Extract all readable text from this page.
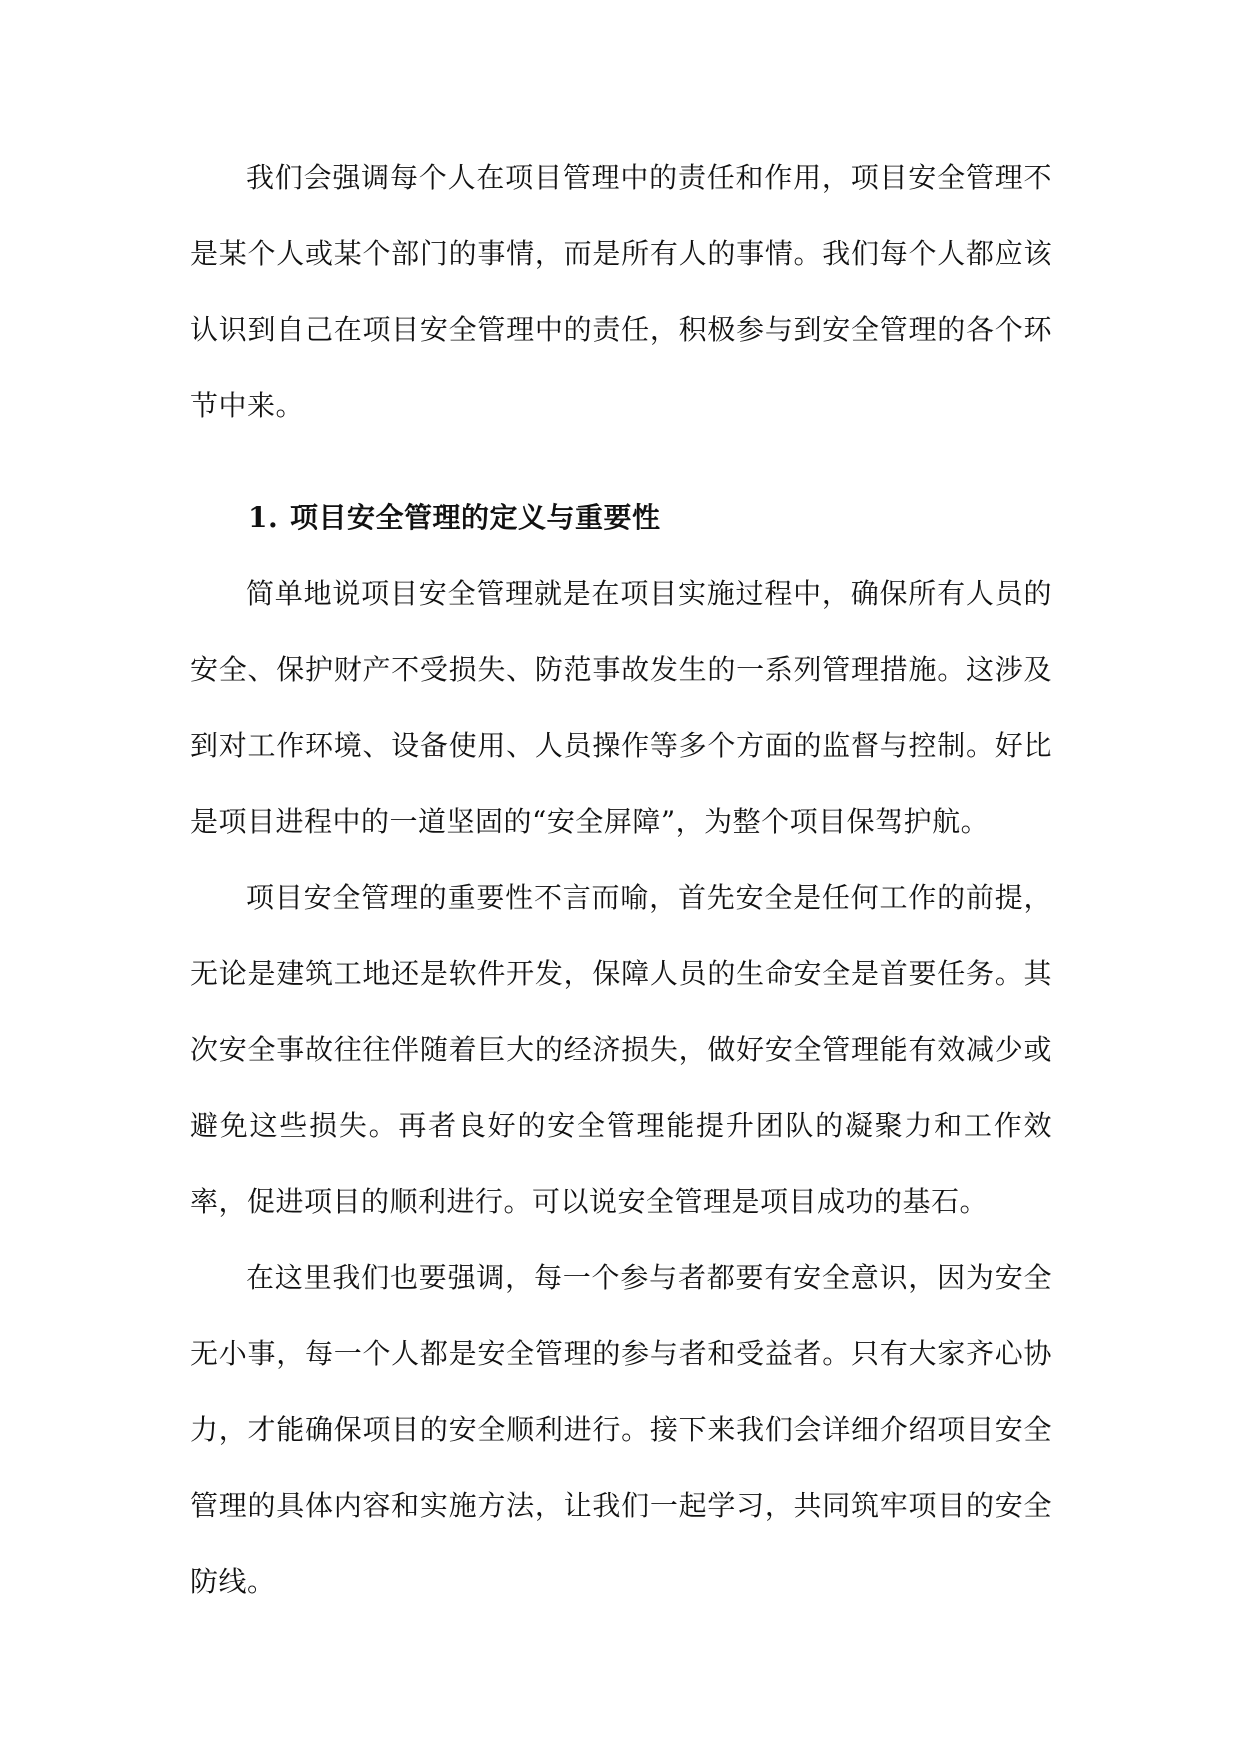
我们会强调每个人在项目管理中的责任和作用，项目安全管理不是某个人或某个部门的事情，而是所有人的事情。我们每个人都应该认识到自己在项目安全管理中的责任，积极参与到安全管理的各个环节中来。

1. 项目安全管理的定义与重要性

简单地说项目安全管理就是在项目实施过程中，确保所有人员的安全、保护财产不受损失、防范事故发生的一系列管理措施。这涉及到对工作环境、设备使用、人员操作等多个方面的监督与控制。好比是项目进程中的一道坚固的“安全屏障”，为整个项目保驾护航。

项目安全管理的重要性不言而喻，首先安全是任何工作的前提，无论是建筑工地还是软件开发，保障人员的生命安全是首要任务。其次安全事故往往伴随着巨大的经济损失，做好安全管理能有效减少或避免这些损失。再者良好的安全管理能提升团队的凝聚力和工作效率，促进项目的顺利进行。可以说安全管理是项目成功的基石。

在这里我们也要强调，每一个参与者都要有安全意识，因为安全无小事，每一个人都是安全管理的参与者和受益者。只有大家齐心协力，才能确保项目的安全顺利进行。接下来我们会详细介绍项目安全管理的具体内容和实施方法，让我们一起学习，共同筑牢项目的安全防线。
